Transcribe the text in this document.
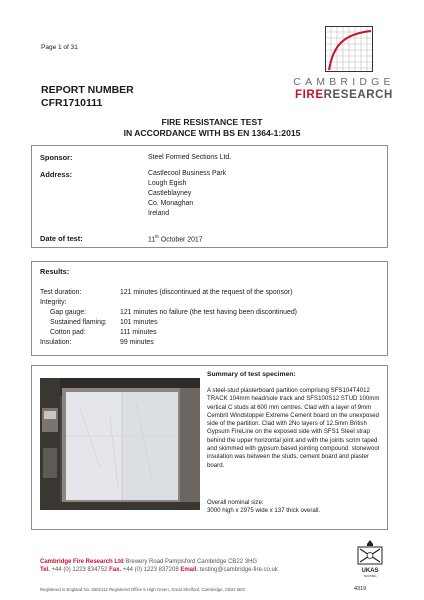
Page 1 of 31
CAMBRIDGE
FIRERESEARCH
REPORT NUMBER
CFR1710111
FIRE RESISTANCE TEST
IN ACCORDANCE WITH BS EN 1364-1:2015
Sponsor:	Steel Formed Sections Ltd.
Address:	Castlecool Business Park
Lough Egish
Castleblayney
Co. Monaghan
Ireland
Date of test:	11th October 2017
Results:
Test duration:	121 minutes (discontinued at the request of the sponsor)
Integrity:
Gap gauge:	121 minutes no failure (the test having been discontinued)
Sustained flaming: 101 minutes
Cotton pad:	111 minutes
Insulation:	99 minutes
Summary of test specimen:
A steel-stud plasterboard partition comprising SFS104T4012 TRACK 104mm head/sole track and SFS100S12 STUD 100mm vertical C studs at 600 mm centres. Clad with a layer of 9mm Cembrit Windstopper Extreme Cement board on the unexposed side of the partition. Clad with 2No layers of 12.5mm British Gypsum FireLine on the exposed side with SFS1 Steel strap behind the upper horizontal joint and with the joints scrim taped and skimmed with gypsum based jointing compound. stonewool insulation was between the studs, cement board and plaster board.
Overall nominal size:
3000 high x 2975 wide x 137 thick overall.
Cambridge Fire Research Ltd Brewery Road Pampisford Cambridge CB22 3HG
Tel. +44 (0) 1223 834752 Fax. +44 (0) 1223 837208 Email. testing@cambridge-fire.co.uk
Registered in England No. 5602112 Registered Office 5 High Green, Great Shelford, Cambridge, CB22 5EG	4319
UKAS
TESTING
